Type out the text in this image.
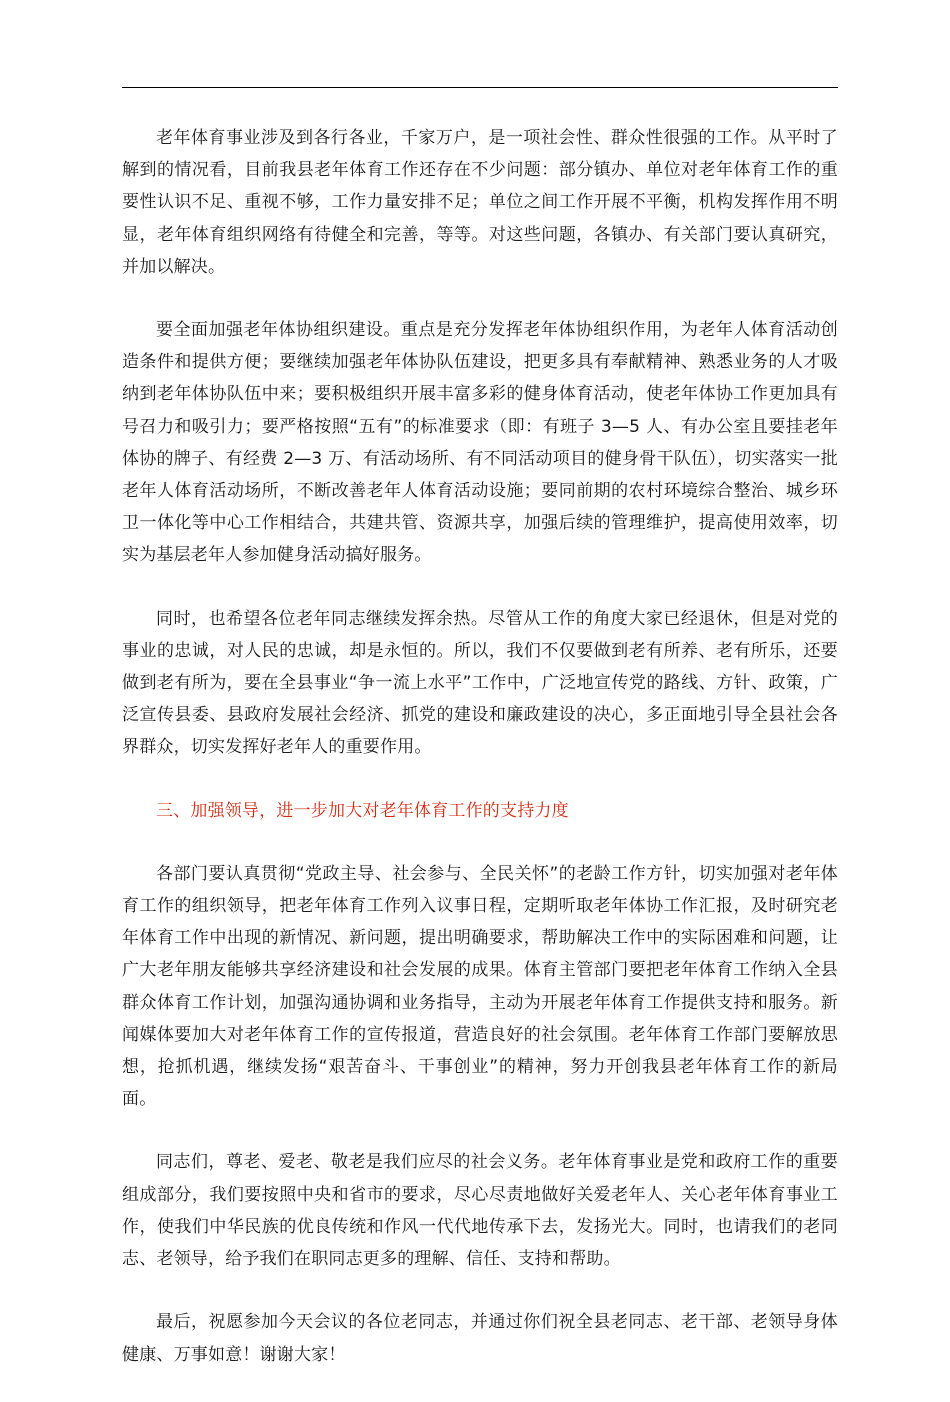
老年体育事业涉及到各行各业，千家万户，是一项社会性、群众性很强的工作。从平时了解到的情况看，目前我县老年体育工作还存在不少问题：部分镇办、单位对老年体育工作的重要性认识不足、重视不够，工作力量安排不足；单位之间工作开展不平衡，机构发挥作用不明显，老年体育组织网络有待健全和完善，等等。对这些问题，各镇办、有关部门要认真研究，并加以解决。

要全面加强老年体协组织建设。重点是充分发挥老年体协组织作用，为老年人体育活动创造条件和提供方便；要继续加强老年体协队伍建设，把更多具有奉献精神、熟悉业务的人才吸纳到老年体协队伍中来；要积极组织开展丰富多彩的健身体育活动，使老年体协工作更加具有号召力和吸引力；要严格按照“五有”的标准要求（即：有班子 3—5 人、有办公室且要挂老年体协的牌子、有经费 2—3 万、有活动场所、有不同活动项目的健身骨干队伍），切实落实一批老年人体育活动场所，不断改善老年人体育活动设施；要同前期的农村环境综合整治、城乡环卫一体化等中心工作相结合，共建共管、资源共享，加强后续的管理维护，提高使用效率，切实为基层老年人参加健身活动搞好服务。

同时，也希望各位老年同志继续发挥余热。尽管从工作的角度大家已经退休，但是对党的事业的忠诚，对人民的忠诚，却是永恒的。所以，我们不仅要做到老有所养、老有所乐，还要做到老有所为，要在全县事业“争一流上水平”工作中，广泛地宣传党的路线、方针、政策，广泛宣传县委、县政府发展社会经济、抓党的建设和廉政建设的决心，多正面地引导全县社会各界群众，切实发挥好老年人的重要作用。

三、加强领导，进一步加大对老年体育工作的支持力度

各部门要认真贯彻“党政主导、社会参与、全民关怀”的老龄工作方针，切实加强对老年体育工作的组织领导，把老年体育工作列入议事日程，定期听取老年体协工作汇报，及时研究老年体育工作中出现的新情况、新问题，提出明确要求，帮助解决工作中的实际困难和问题，让广大老年朋友能够共享经济建设和社会发展的成果。体育主管部门要把老年体育工作纳入全县群众体育工作计划，加强沟通协调和业务指导，主动为开展老年体育工作提供支持和服务。新闻媒体要加大对老年体育工作的宣传报道，营造良好的社会氛围。老年体育工作部门要解放思想，抢抓机遇，继续发扬“艰苦奋斗、干事创业”的精神，努力开创我县老年体育工作的新局面。

同志们，尊老、爱老、敬老是我们应尽的社会义务。老年体育事业是党和政府工作的重要组成部分，我们要按照中央和省市的要求，尽心尽责地做好关爱老年人、关心老年体育事业工作，使我们中华民族的优良传统和作风一代代地传承下去，发扬光大。同时，也请我们的老同志、老领导，给予我们在职同志更多的理解、信任、支持和帮助。

最后，祝愿参加今天会议的各位老同志，并通过你们祝全县老同志、老干部、老领导身体健康、万事如意！谢谢大家！
